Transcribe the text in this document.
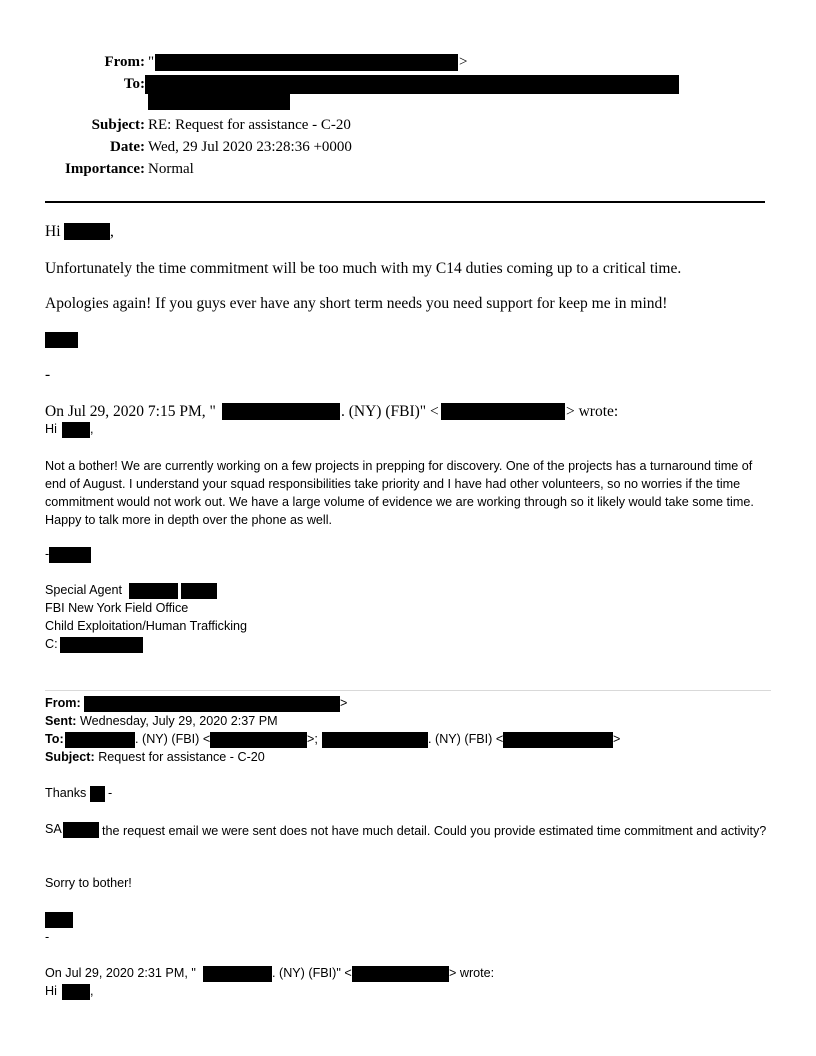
From: "	>
To:
Subject: RE: Request for assistance - C-20
Date: Wed, 29 Jul 2020 23:28:36 +0000
Importance: Normal
Hi	,
Unfortunately the time commitment will be too much with my C14 duties coming up to a critical time.
Apologies again! If you guys ever have any short term needs you need support for keep me in mind!
-
On Jul 29, 2020 7:15 PM, "	. (NY) (FBI)" <	> wrote:
Hi	,
Not a bother! We are currently working on a few projects in prepping for discovery. One of the projects has a turnaround time of end of August. I understand your squad responsibilities take priority and I have had other volunteers, so no worries if the time commitment would not work out. We have a large volume of evidence we are working through so it likely would take some time. Happy to talk more in depth over the phone as well.
-
Special Agent
FBI New York Field Office
Child Exploitation/Human Trafficking
C:
From:	>
Sent: Wednesday, July 29, 2020 2:37 PM
To:	. (NY) (FBI) <	>;	. (NY) (FBI) <	>
Subject: Request for assistance - C-20
Thanks -
SA	the request email we were sent does not have much detail. Could you provide estimated time commitment and activity?
Sorry to bother!
-
On Jul 29, 2020 2:31 PM, "	. (NY) (FBI)" <	> wrote:
Hi	,
